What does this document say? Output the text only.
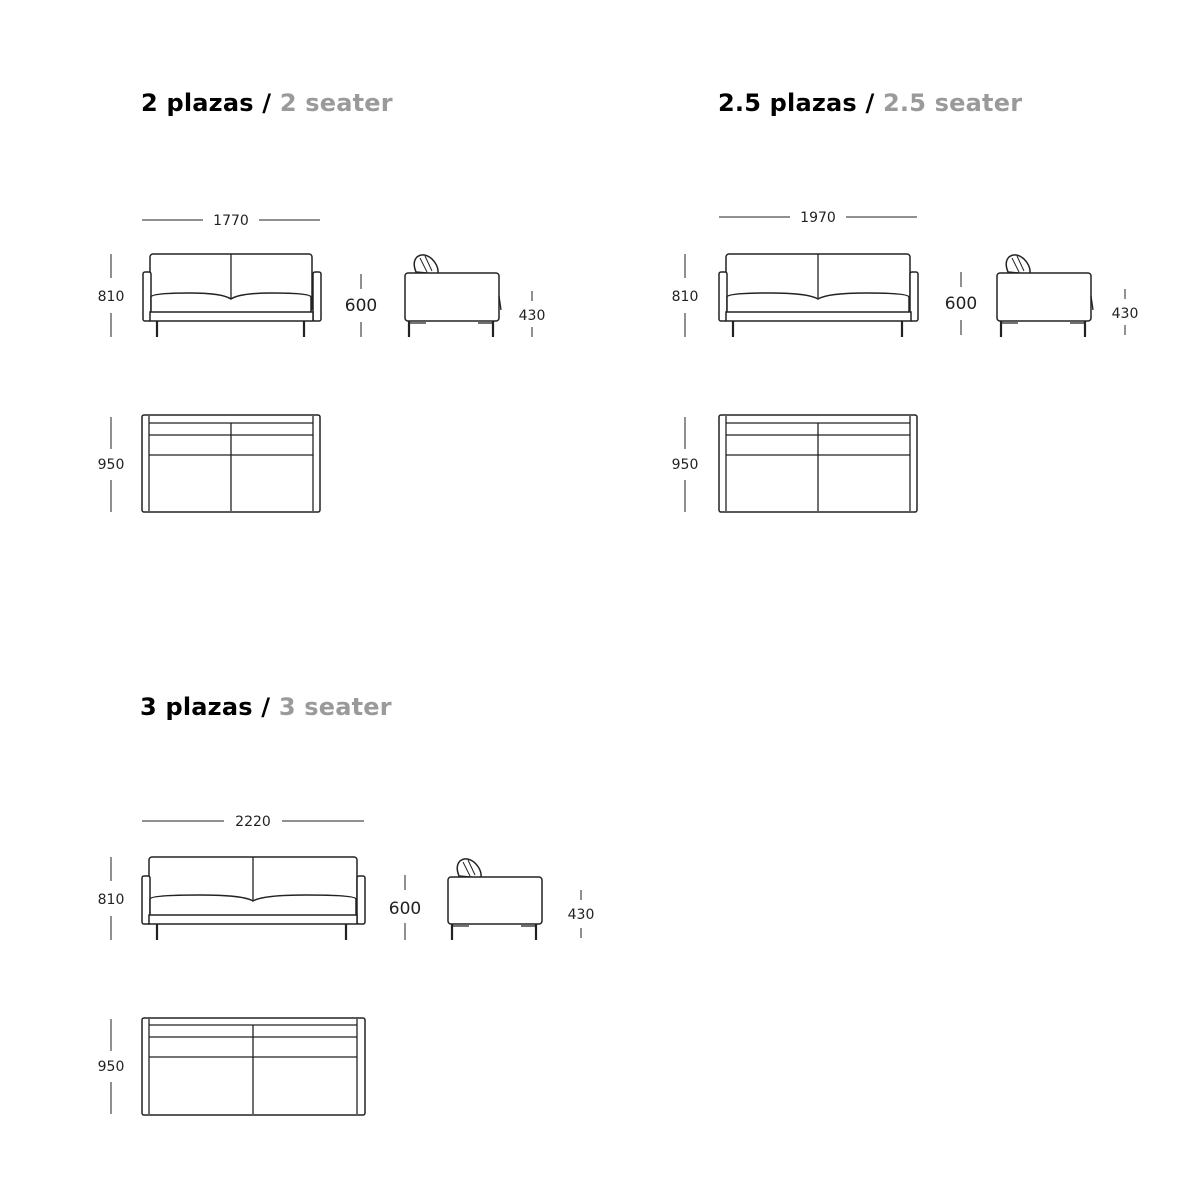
2 plazas / 2 seater	2.5 plazas / 2.5 seater
3 plazas / 3 seater
1770
810	600	430
950
1970
810	600	430
950
2220
810	600	430
950
